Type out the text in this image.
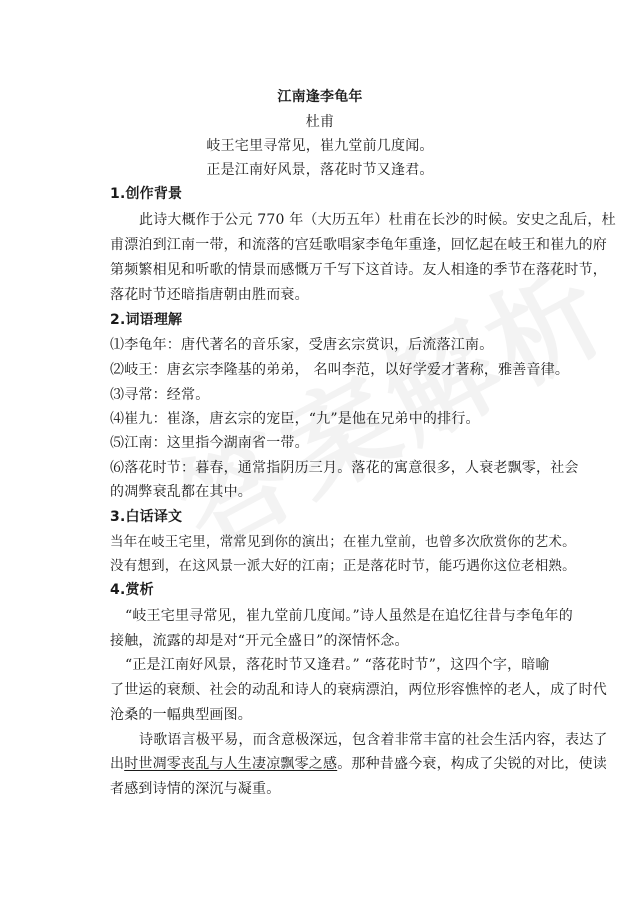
江南逢李龟年
杜甫
岐王宅里寻常见，崔九堂前几度闻。
正是江南好风景，落花时节又逢君。
1.创作背景
此诗大概作于公元 770 年（大历五年）杜甫在长沙的时候。安史之乱后，杜
甫漂泊到江南一带，和流落的宫廷歌唱家李龟年重逢，回忆起在岐王和崔九的府
第频繁相见和听歌的情景而感慨万千写下这首诗。友人相逢的季节在落花时节，
落花时节还暗指唐朝由胜而衰。
2.词语理解
⑴李龟年：唐代著名的音乐家，受唐玄宗赏识，后流落江南。
⑵岐王：唐玄宗李隆基的弟弟， 名叫李范，以好学爱才著称，雅善音律。
⑶寻常：经常。
⑷崔九：崔涤，唐玄宗的宠臣，“九”是他在兄弟中的排行。
⑸江南：这里指今湖南省一带。
⑹落花时节：暮春，通常指阴历三月。落花的寓意很多，人衰老飘零，社会
的凋弊衰乱都在其中。
3.白话译文
当年在岐王宅里，常常见到你的演出；在崔九堂前，也曾多次欣赏你的艺术。
没有想到，在这风景一派大好的江南；正是落花时节，能巧遇你这位老相熟。
4.赏析
“岐王宅里寻常见，崔九堂前几度闻。”诗人虽然是在追忆往昔与李龟年的
接触，流露的却是对“开元全盛日”的深情怀念。
“正是江南好风景，落花时节又逢君。” “落花时节”，这四个字，暗喻
了世运的衰颓、社会的动乱和诗人的衰病漂泊，两位形容憔悴的老人，成了时代
沧桑的一幅典型画图。
诗歌语言极平易，而含意极深远，包含着非常丰富的社会生活内容，表达了
出时世凋零丧乱与人生凄凉飘零之感。那种昔盛今衰，构成了尖锐的对比，使读
者感到诗情的深沉与凝重。
